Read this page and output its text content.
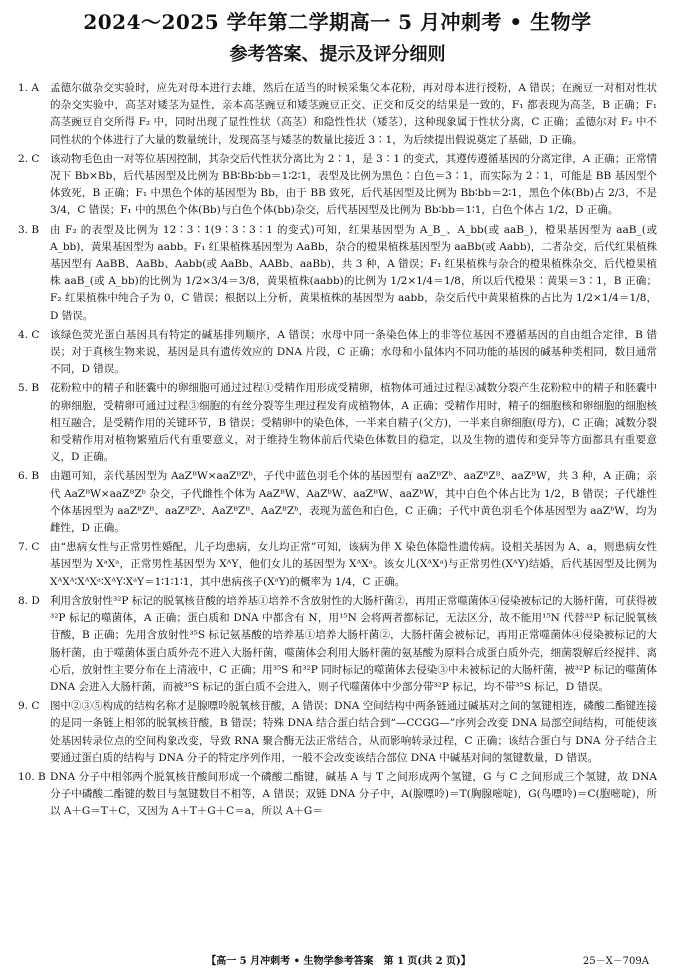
2024～2025 学年第二学期高一 5 月冲刺考 • 生物学
参考答案、提示及评分细则
1. A	孟德尔做杂交实验时，应先对母本进行去雄，然后在适当的时候采集父本花粉，再对母本进行授粉，A 错误；在豌豆一对相对性状的杂交实验中，高茎对矮茎为显性，亲本高茎豌豆和矮茎豌豆正交、正交和反交的结果是一致的，F₁ 都表现为高茎，B 正确；F₁ 高茎豌豆自交所得 F₂ 中，同时出现了显性性状（高茎）和隐性性状（矮茎），这种现象属于性状分离，C 正确；孟德尔对 F₂ 中不同性状的个体进行了大量的数量统计，发现高茎与矮茎的数量比接近 3∶1，为后续提出假说奠定了基础，D 正确。
2. C	该动物毛色由一对等位基因控制，其杂交后代性状分离比为 2∶1，是 3∶1 的变式，其遵传遵循基因的分离定律，A 正确；正常情况下 Bb×Bb，后代基因型及比例为 BB∶Bb∶bb＝1∶2∶1，表型及比例为黑色∶白色＝3∶1，而实际为 2∶1，可能是 BB 基因型个体致死，B 正确；F₁ 中黑色个体的基因型为 Bb，由于 BB 致死，后代基因型及比例为 Bb∶bb＝2∶1，黑色个体(Bb)占 2/3，不是 3/4，C 错误；F₁ 中的黑色个体(Bb)与白色个体(bb)杂交，后代基因型及比例为 Bb∶bb＝1∶1，白色个体占 1/2，D 正确。
3. B	由 F₂ 的表型及比例为 12∶3∶1(9∶3∶3∶1 的变式)可知，红果基因型为 A_B_、A_bb(或 aaB_)，橙果基因型为 aaB_(或 A_bb)，黄果基因型为 aabb。F₁ 红果植株基因型为 AaBb，杂合的橙果植株基因型为 aaBb(或 Aabb)，二者杂交，后代红果植株基因型有 AaBB、AaBb、Aabb(或 AaBb、AABb、aaBb)，共 3 种，A 错误；F₁ 红果植株与杂合的橙果植株杂交，后代橙果植株 aaB_(或 A_bb)的比例为 1/2×3/4＝3/8，黄果植株(aabb)的比例为 1/2×1/4＝1/8，所以后代橙果∶黄果＝3∶1，B 正确；F₂ 红果植株中纯合子为 0，C 错误；根据以上分析，黄果植株的基因型为 aabb，杂交后代中黄果植株的占比为 1/2×1/4＝1/8，D 错误。
4. C	该绿色荧光蛋白基因具有特定的碱基排列顺序，A 错误；水母中同一条染色体上的非等位基因不遵循基因的自由组合定律，B 错误；对于真核生物来说，基因是具有遗传效应的 DNA 片段，C 正确；水母和小鼠体内不同功能的基因的碱基种类相同，数目通常不同，D 错误。
5. B	花粉粒中的精子和胚囊中的卵细胞可通过过程①受精作用形成受精卵，植物体可通过过程②减数分裂产生花粉粒中的精子和胚囊中的卵细胞，受精卵可通过过程③细胞的有丝分裂等生理过程发育成植物体，A 正确；受精作用时，精子的细胞核和卵细胞的细胞核相互融合，是受精作用的关键环节，B 错误；受精卵中的染色体，一半来自精子(父方)，一半来自卵细胞(母方)，C 正确；减数分裂和受精作用对植物繁殖后代有重要意义，对于维持生物体前后代染色体数目的稳定，以及生物的遗传和变异等方面都具有重要意义，D 正确。
6. B	由题可知，亲代基因型为 AaZᴮW×aaZᴮZᵇ，子代中蓝色羽毛个体的基因型有 aaZᴮZᵇ、aaZᴮZᴮ、aaZᴮW，共 3 种，A 正确；亲代 AaZᴮW×aaZᴮZᵇ 杂交，子代雌性个体为 AaZᴮW、AaZᵇW、aaZᴮW、aaZᵇW，其中白色个体占比为 1/2，B 错误；子代雄性个体基因型为 aaZᴮZᴮ、aaZᴮZᵇ、AaZᴮZᴮ、AaZᴮZᵇ，表现为蓝色和白色，C 正确；子代中黄色羽毛个体基因型为 aaZᵇW，均为雌性，D 正确。
7. C	由“患病女性与正常男性婚配，儿子均患病，女儿均正常”可知，该病为伴 X 染色体隐性遗传病。设相关基因为 A、a，则患病女性基因型为 XᵃXᵃ，正常男性基因型为 XᴬY，他们女儿的基因型为 XᴬXᵃ。该女儿(XᴬXᵃ)与正常男性(XᴬY)结婚，后代基因型及比例为 XᴬXᴬ∶XᴬXᵃ∶XᴬY∶XᵃY＝1∶1∶1∶1，其中患病孩子(XᵃY)的概率为 1/4，C 正确。
8. D 利用含放射性³²P 标记的脱氧核苷酸的培养基①培养不含放射性的大肠杆菌②，再用正常噬菌体④侵染被标记的大肠杆菌，可获得被³²P 标记的噬菌体，A 正确；蛋白质和 DNA 中都含有 N，用¹⁵N 会将两者都标记，无法区分，故不能用¹⁵N 代替³²P 标记脱氧核苷酸，B 正确；先用含放射性³⁵S 标记氨基酸的培养基①培养大肠杆菌②，大肠杆菌会被标记，再用正常噬菌体④侵染被标记的大肠杆菌，由于噬菌体蛋白质外壳不进入大肠杆菌，噬菌体会利用大肠杆菌的氨基酸为原料合成蛋白质外壳，细菌裂解后经搅拌、离心后，放射性主要分布在上清液中，C 正确；用³⁵S 和³²P 同时标记的噬菌体去侵染③中未被标记的大肠杆菌，被³²P 标记的噬菌体 DNA 会进入大肠杆菌，而被³⁵S 标记的蛋白质不会进入，则子代噬菌体中少部分带³²P 标记，均不带³⁵S 标记，D 错误。
9. C	图中②③⑤构成的结构名称才是腺嘌呤脱氧核苷酸，A 错误；DNA 空间结构中两条链通过碱基对之间的氢键相连，磷酸二酯键连接的是同一条链上相邻的脱氧核苷酸，B 错误；特殊 DNA 结合蛋白结合到“—CCGG—”序列会改变 DNA 局部空间结构，可能使该处基因转录位点的空间构象改变，导致 RNA 聚合酶无法正常结合，从而影响转录过程，C 正确；该结合蛋白与 DNA 分子结合主要通过蛋白质的结构与 DNA 分子的特定序列作用，一般不会改变该结合部位 DNA 中碱基对间的氢键数量，D 错误。
10. B DNA 分子中相邻两个脱氧核苷酸间形成一个磷酸二酯键，碱基 A 与 T 之间形成两个氢键，G 与 C 之间形成三个氢键，故 DNA 分子中磷酸二酯键的数目与氢键数目不相等，A 错误；双链 DNA 分子中，A(腺嘌呤)＝T(胸腺嘧啶)，G(鸟嘌呤)＝C(胞嘧啶)，所以 A＋G＝T＋C，又因为 A＋T＋G＋C＝a，所以 A＋G＝
【高一 5 月冲刺考 • 生物学参考答案　第 1 页(共 2 页)】	25－X－709A
